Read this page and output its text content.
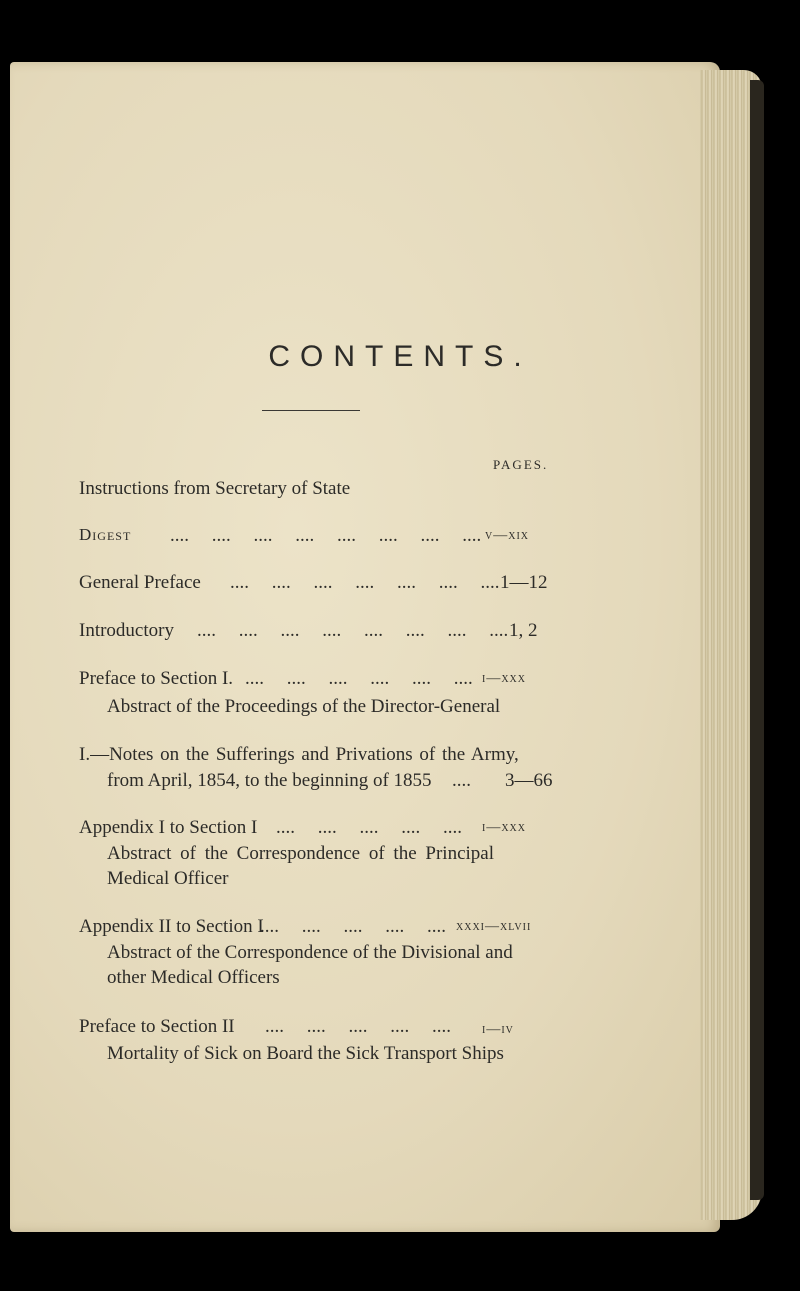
CONTENTS.
PAGES.
Instructions from Secretary of State
Digest .... .... .... .... .... .... .... .... v—xix
General Preface .... .... .... .... .... .... .... 1—12
Introductory .... .... .... .... .... .... .... .... 1, 2
Preface to Section I. .... .... .... .... .... .... i—xxx
Abstract of the Proceedings of the Director-General
I.—Notes on the Sufferings and Privations of the Army,
from April, 1854, to the beginning of 1855 .... 3—66
Appendix I to Section I .... .... .... .... .... i—xxx
Abstract of the Correspondence of the Principal
Medical Officer
Appendix II to Section I
.... .... .... .... .... xxxi—xlvii
Abstract of the Correspondence of the Divisional and
other Medical Officers
Preface to Section II .... .... .... .... .... i—iv
Mortality of Sick on Board the Sick Transport Ships
